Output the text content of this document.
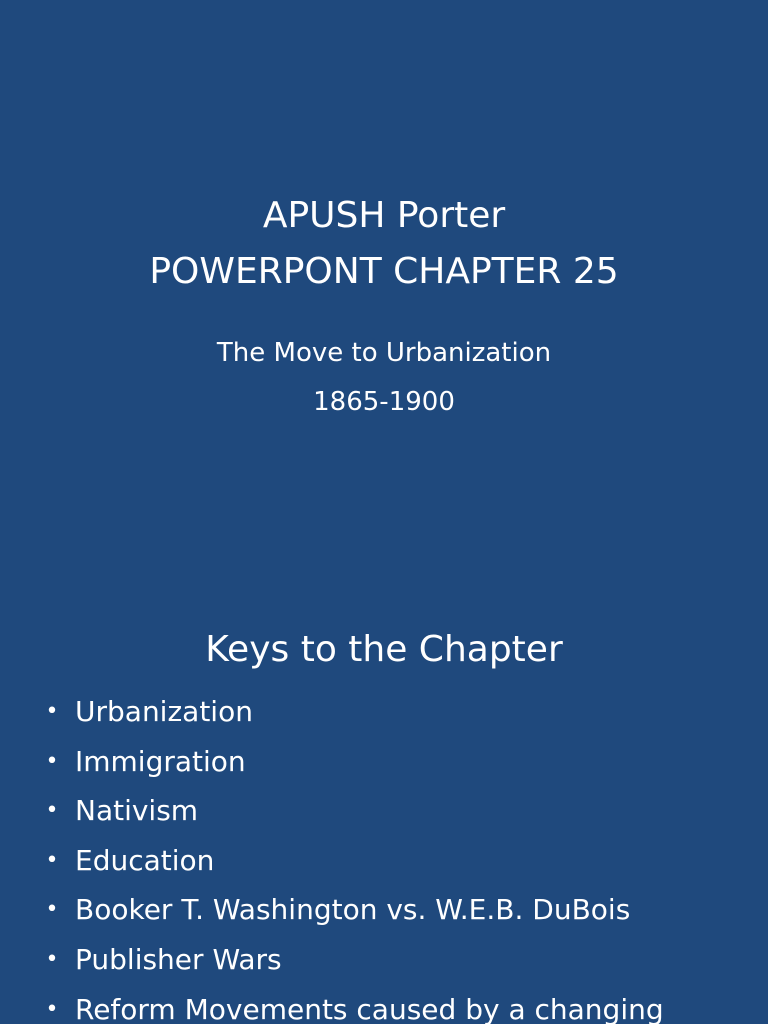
APUSH Porter
POWERPONT CHAPTER 25
The Move to Urbanization
1865-1900
Keys to the Chapter
• Urbanization
• Immigration
• Nativism
• Education
• Booker T. Washington vs. W.E.B. DuBois
• Publisher Wars
• Reform Movements caused by a changing
